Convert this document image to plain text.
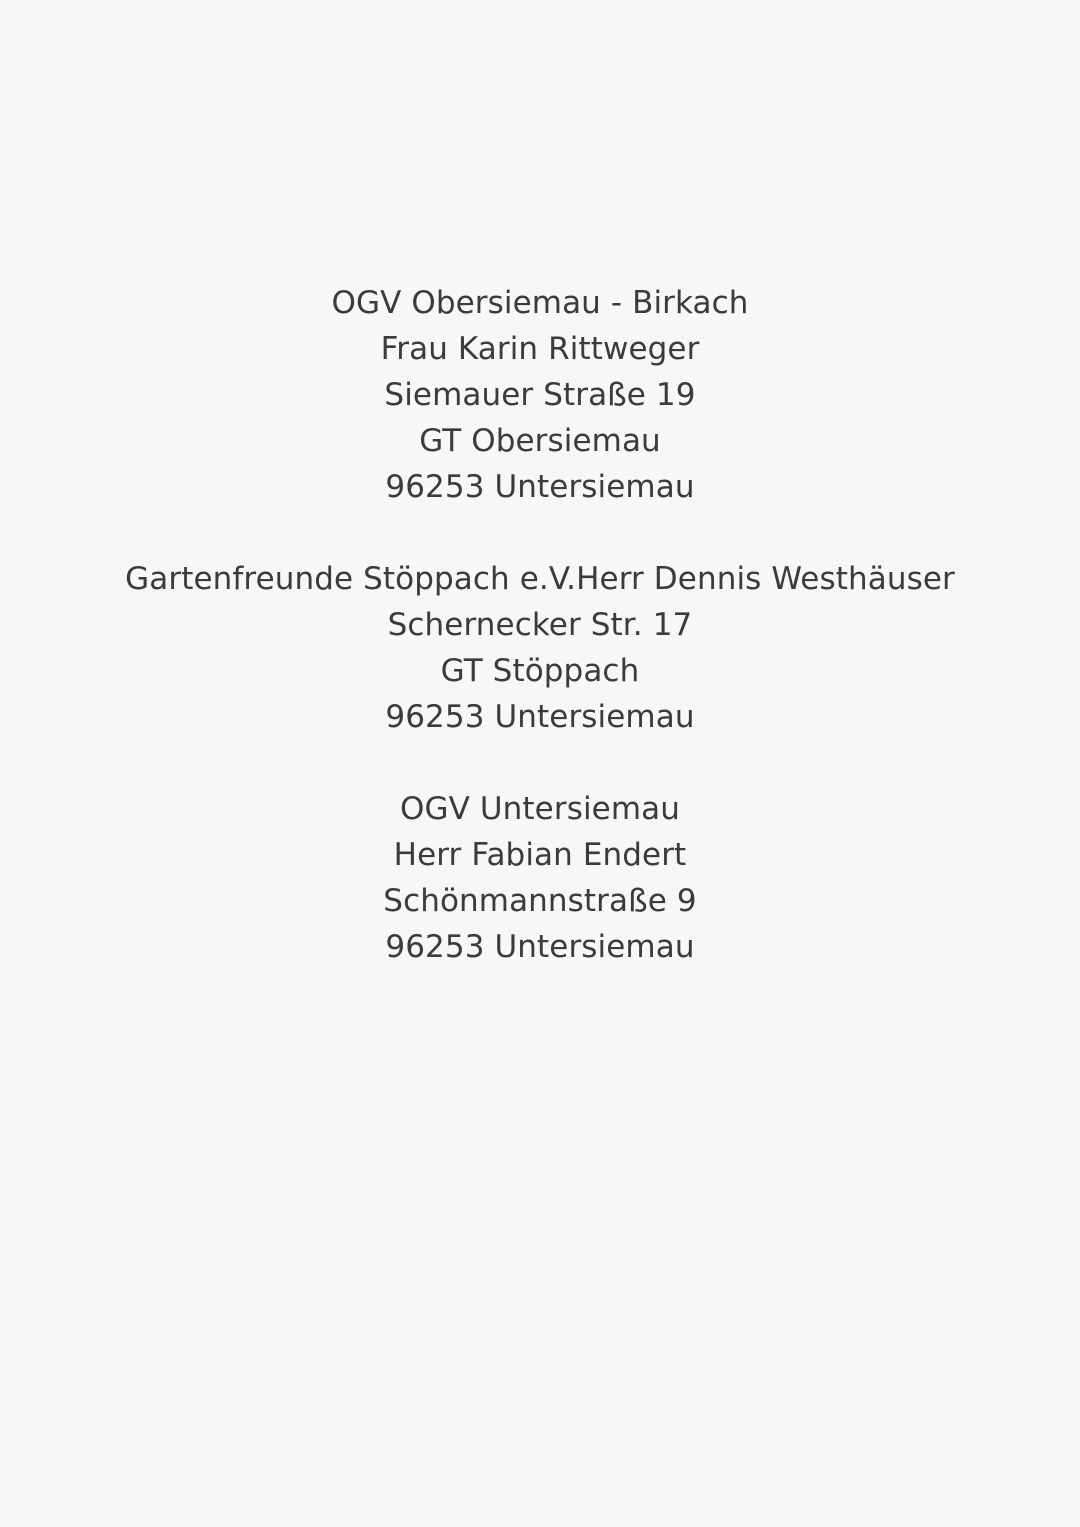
OGV Obersiemau - Birkach
Frau Karin Rittweger
Siemauer Straße 19
GT Obersiemau
96253 Untersiemau
Gartenfreunde Stöppach e.V.Herr Dennis Westhäuser
Schernecker Str. 17
GT Stöppach
96253 Untersiemau
OGV Untersiemau
Herr Fabian Endert
Schönmannstraße 9
96253 Untersiemau
